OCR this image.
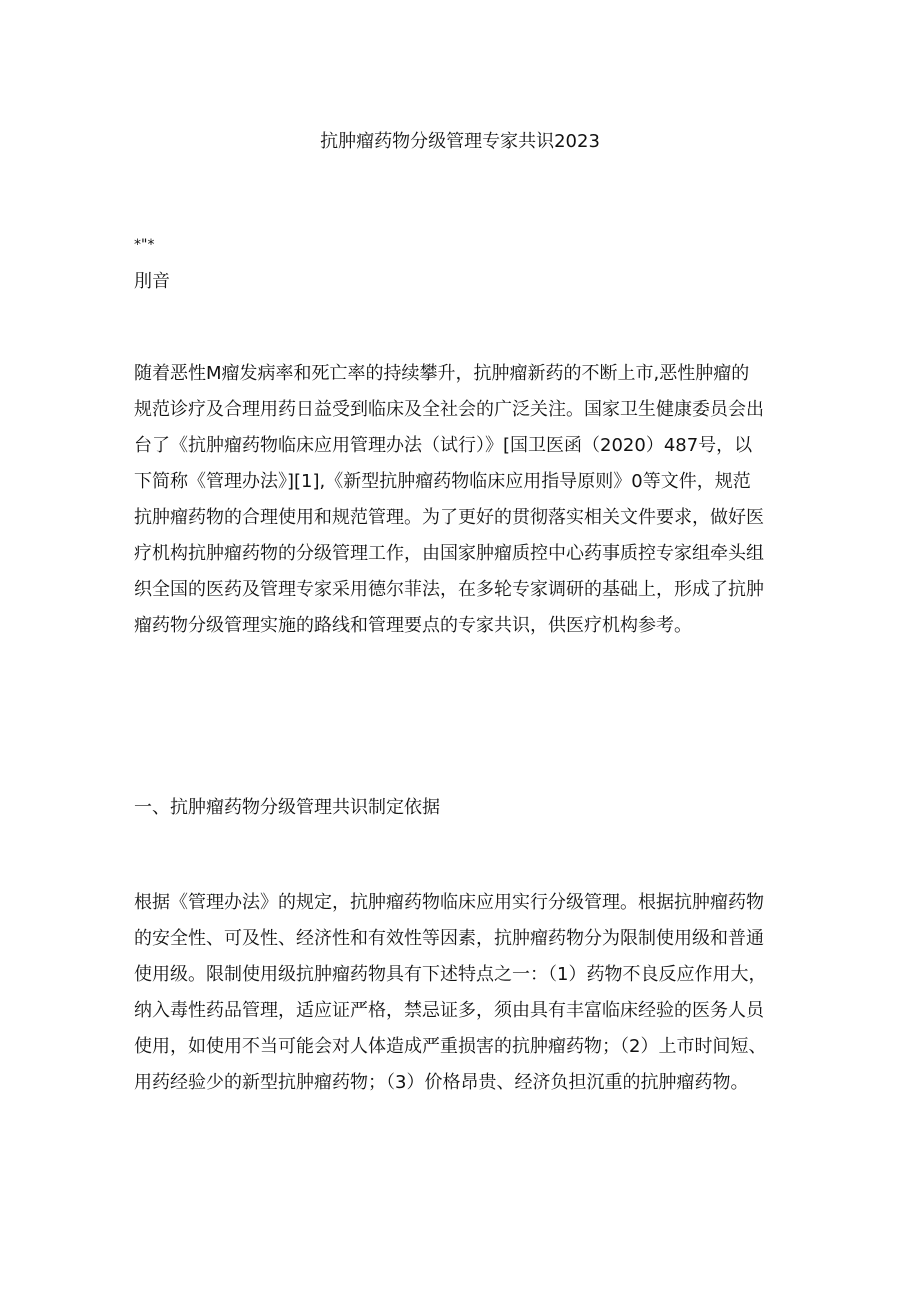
抗肿瘤药物分级管理专家共识2023
*"*
刖音
随着恶性M瘤发病率和死亡率的持续攀升，抗肿瘤新药的不断上市,恶性肿瘤的
规范诊疗及合理用药日益受到临床及全社会的广泛关注。国家卫生健康委员会出
台了《抗肿瘤药物临床应用管理办法（试行）》[国卫医函（2020）487号，以
下简称《管理办法》][1],《新型抗肿瘤药物临床应用指导原则》0等文件，规范
抗肿瘤药物的合理使用和规范管理。为了更好的贯彻落实相关文件要求，做好医
疗机构抗肿瘤药物的分级管理工作，由国家肿瘤质控中心药事质控专家组牵头组
织全国的医药及管理专家采用德尔菲法，在多轮专家调研的基础上，形成了抗肿
瘤药物分级管理实施的路线和管理要点的专家共识，供医疗机构参考。
一、抗肿瘤药物分级管理共识制定依据
根据《管理办法》的规定，抗肿瘤药物临床应用实行分级管理。根据抗肿瘤药物
的安全性、可及性、经济性和有效性等因素，抗肿瘤药物分为限制使用级和普通
使用级。限制使用级抗肿瘤药物具有下述特点之一：（1）药物不良反应作用大，
纳入毒性药品管理，适应证严格，禁忌证多，须由具有丰富临床经验的医务人员
使用，如使用不当可能会对人体造成严重损害的抗肿瘤药物；（2）上市时间短、
用药经验少的新型抗肿瘤药物；（3）价格昂贵、经济负担沉重的抗肿瘤药物。
